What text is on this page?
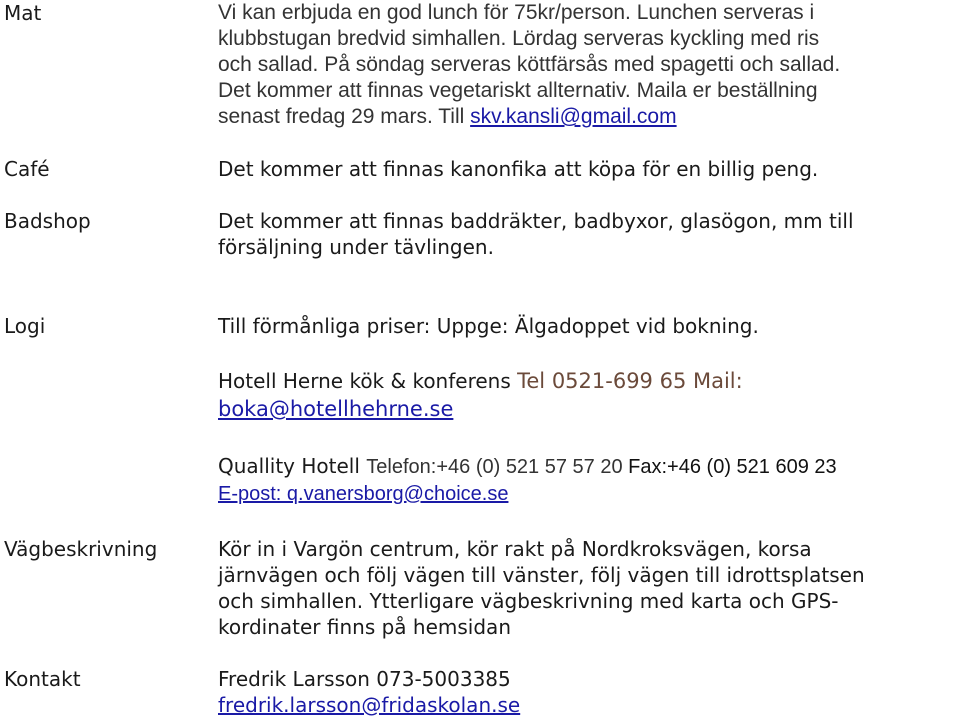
Mat	Vi kan erbjuda en god lunch för 75kr/person. Lunchen serveras i
klubbstugan bredvid simhallen. Lördag serveras kyckling med ris
och sallad. På söndag serveras köttfärsås med spagetti och sallad.
Det kommer att finnas vegetariskt allternativ. Maila er beställning
senast fredag 29 mars. Till skv.kansli@gmail.com
Café	Det kommer att finnas kanonfika att köpa för en billig peng.
Badshop	Det kommer att finnas baddräkter, badbyxor, glasögon, mm till
försäljning under tävlingen.
Logi	Till förmånliga priser: Uppge: Älgadoppet vid bokning.
Hotell Herne kök & konferens Tel 0521-699 65 Mail:
boka@hotellhehrne.se
Quallity Hotell Telefon:+46 (0) 521 57 57 20 Fax:+46 (0) 521 609 23
E-post: q.vanersborg@choice.se
Vägbeskrivning	Kör in i Vargön centrum, kör rakt på Nordkroksvägen, korsa
järnvägen och följ vägen till vänster, följ vägen till idrottsplatsen
och simhallen. Ytterligare vägbeskrivning med karta och GPS-
kordinater finns på hemsidan
Kontakt	Fredrik Larsson 073-5003385
fredrik.larsson@fridaskolan.se
